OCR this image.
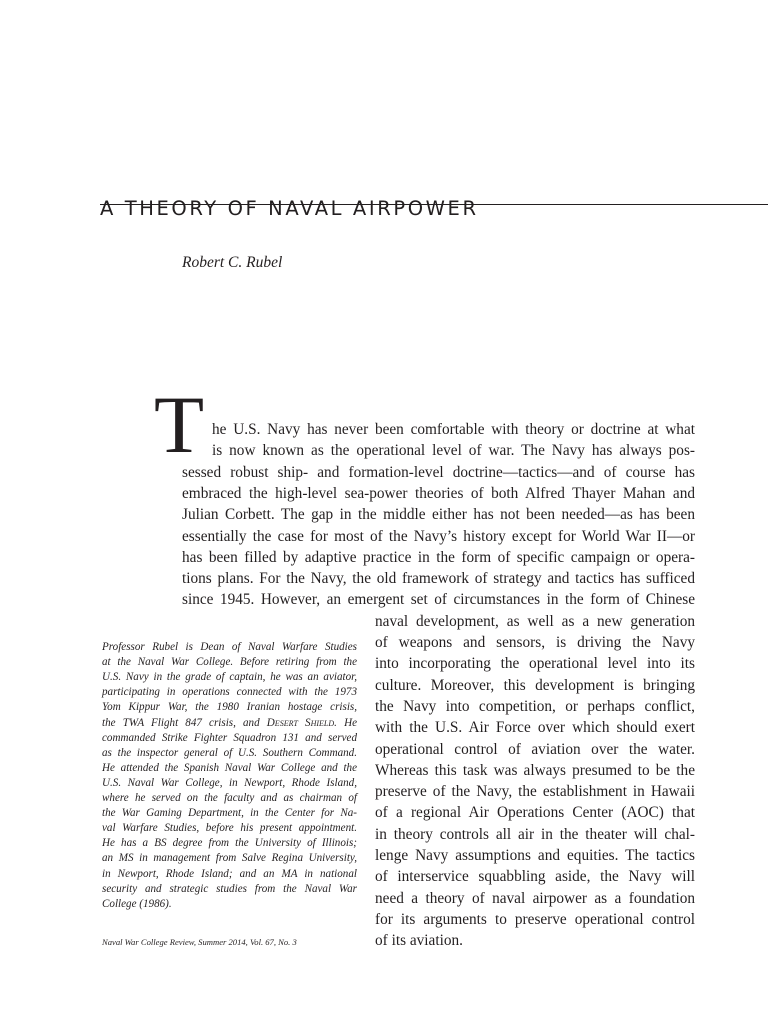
A THEORY OF NAVAL AIRPOWER
Robert C. Rubel
T he U.S. Navy has never been comfortable with theory or doctrine at what
is now known as the operational level of war. The Navy has always pos-
sessed robust ship- and formation-level doctrine—tactics—and of course has
embraced the high-level sea-power theories of both Alfred Thayer Mahan and
Julian Corbett. The gap in the middle either has not been needed—as has been
essentially the case for most of the Navy’s history except for World War II—or
has been filled by adaptive practice in the form of specific campaign or opera-
tions plans. For the Navy, the old framework of strategy and tactics has sufficed
since 1945. However, an emergent set of circumstances in the form of Chinese
naval development, as well as a new generation
of weapons and sensors, is driving the Navy
into incorporating the operational level into its
culture. Moreover, this development is bringing
the Navy into competition, or perhaps conflict,
with the U.S. Air Force over which should exert
operational control of aviation over the water.
Whereas this task was always presumed to be the
preserve of the Navy, the establishment in Hawaii
of a regional Air Operations Center (AOC) that
in theory controls all air in the theater will chal-
lenge Navy assumptions and equities. The tactics
of interservice squabbling aside, the Navy will
need a theory of naval airpower as a foundation
for its arguments to preserve operational control
of its aviation.
Professor Rubel is Dean of Naval Warfare Studies
at the Naval War College. Before retiring from the
U.S. Navy in the grade of captain, he was an aviator,
participating in operations connected with the 1973
Yom Kippur War, the 1980 Iranian hostage crisis,
the TWA Flight 847 crisis, and Desert Shield. He
commanded Strike Fighter Squadron 131 and served
as the inspector general of U.S. Southern Command.
He attended the Spanish Naval War College and the
U.S. Naval War College, in Newport, Rhode Island,
where he served on the faculty and as chairman of
the War Gaming Department, in the Center for Na-
val Warfare Studies, before his present appointment.
He has a BS degree from the University of Illinois;
an MS in management from Salve Regina University,
in Newport, Rhode Island; and an MA in national
security and strategic studies from the Naval War
College (1986).
Naval War College Review, Summer 2014, Vol. 67, No. 3
